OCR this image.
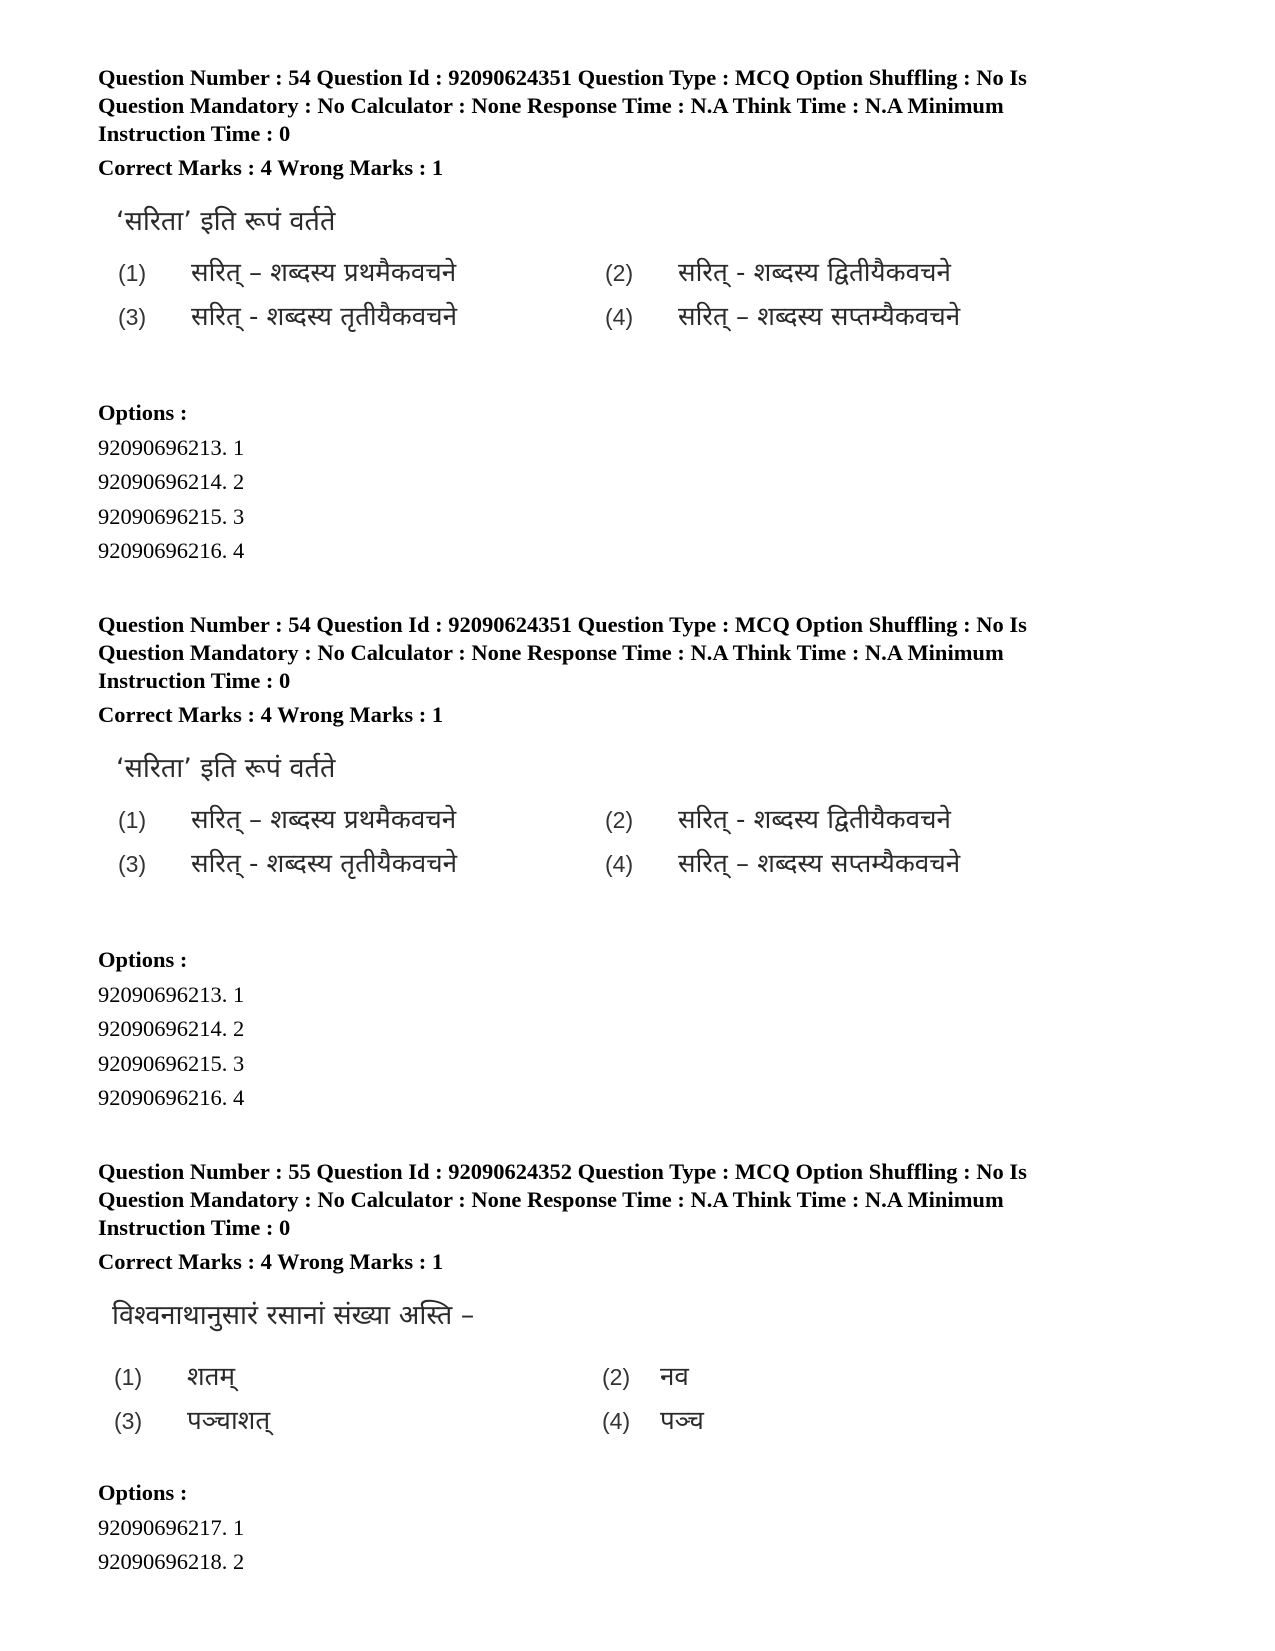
Question Number : 54 Question Id : 92090624351 Question Type : MCQ Option Shuffling : No Is
Question Mandatory : No Calculator : None Response Time : N.A Think Time : N.A Minimum
Instruction Time : 0
Correct Marks : 4 Wrong Marks : 1
‘सरिता’ इति रूपं वर्तते
(1) सरित् – शब्दस्य प्रथमैकवचने	(2) सरित् - शब्दस्य द्वितीयैकवचने
(3) सरित् - शब्दस्य तृतीयैकवचने	(4) सरित् – शब्दस्य सप्तम्यैकवचने
Options :
92090696213. 1
92090696214. 2
92090696215. 3
92090696216. 4
Question Number : 54 Question Id : 92090624351 Question Type : MCQ Option Shuffling : No Is
Question Mandatory : No Calculator : None Response Time : N.A Think Time : N.A Minimum
Instruction Time : 0
Correct Marks : 4 Wrong Marks : 1
‘सरिता’ इति रूपं वर्तते
(1) सरित् – शब्दस्य प्रथमैकवचने	(2) सरित् - शब्दस्य द्वितीयैकवचने
(3) सरित् - शब्दस्य तृतीयैकवचने	(4) सरित् – शब्दस्य सप्तम्यैकवचने
Options :
92090696213. 1
92090696214. 2
92090696215. 3
92090696216. 4
Question Number : 55 Question Id : 92090624352 Question Type : MCQ Option Shuffling : No Is
Question Mandatory : No Calculator : None Response Time : N.A Think Time : N.A Minimum
Instruction Time : 0
Correct Marks : 4 Wrong Marks : 1
विश्वनाथानुसारं रसानां संख्या अस्ति –
(1) शतम्	(2) नव
(3) पञ्चाशत्	(4) पञ्च
Options :
92090696217. 1
92090696218. 2
